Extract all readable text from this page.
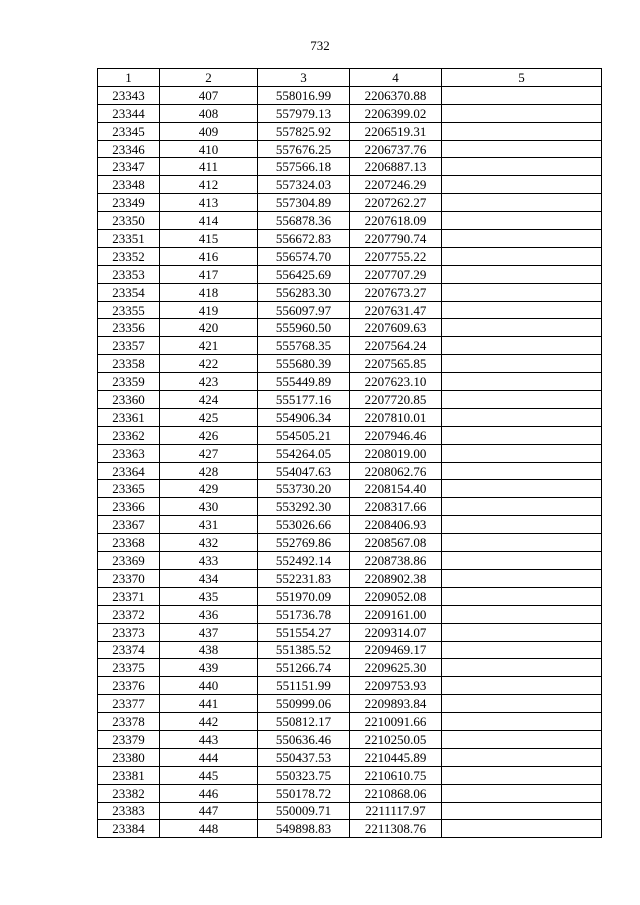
732
1	2	3	4	5
23343	407	558016.99	2206370.88	
23344	408	557979.13	2206399.02	
23345	409	557825.92	2206519.31	
23346	410	557676.25	2206737.76	
23347	411	557566.18	2206887.13	
23348	412	557324.03	2207246.29	
23349	413	557304.89	2207262.27	
23350	414	556878.36	2207618.09	
23351	415	556672.83	2207790.74	
23352	416	556574.70	2207755.22	
23353	417	556425.69	2207707.29	
23354	418	556283.30	2207673.27	
23355	419	556097.97	2207631.47	
23356	420	555960.50	2207609.63	
23357	421	555768.35	2207564.24	
23358	422	555680.39	2207565.85	
23359	423	555449.89	2207623.10	
23360	424	555177.16	2207720.85	
23361	425	554906.34	2207810.01	
23362	426	554505.21	2207946.46	
23363	427	554264.05	2208019.00	
23364	428	554047.63	2208062.76	
23365	429	553730.20	2208154.40	
23366	430	553292.30	2208317.66	
23367	431	553026.66	2208406.93	
23368	432	552769.86	2208567.08	
23369	433	552492.14	2208738.86	
23370	434	552231.83	2208902.38	
23371	435	551970.09	2209052.08	
23372	436	551736.78	2209161.00	
23373	437	551554.27	2209314.07	
23374	438	551385.52	2209469.17	
23375	439	551266.74	2209625.30	
23376	440	551151.99	2209753.93	
23377	441	550999.06	2209893.84	
23378	442	550812.17	2210091.66	
23379	443	550636.46	2210250.05	
23380	444	550437.53	2210445.89	
23381	445	550323.75	2210610.75	
23382	446	550178.72	2210868.06	
23383	447	550009.71	2211117.97	
23384	448	549898.83	2211308.76	
